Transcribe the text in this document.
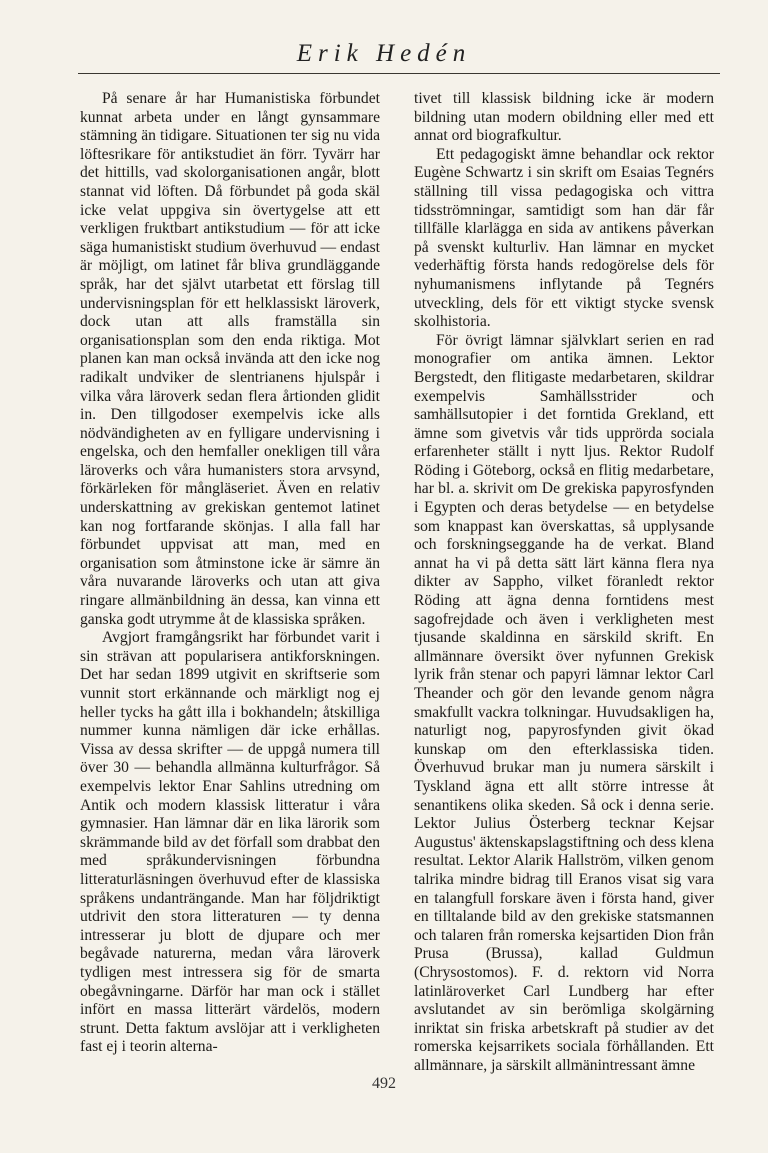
Erik Hedén

På senare år har Humanistiska förbundet kunnat arbeta under en långt gynsammare stämning än tidigare. Situationen ter sig nu vida löftesrikare för antikstudiet än förr. Tyvärr har det hittills, vad skolorganisationen angår, blott stannat vid löften. Då förbundet på goda skäl icke velat uppgiva sin övertygelse att ett verkligen fruktbart antikstudium — för att icke säga humanistiskt studium överhuvud — endast är möjligt, om latinet får bliva grundläggande språk, har det självt utarbetat ett förslag till undervisningsplan för ett helklassiskt läroverk, dock utan att alls framställa sin organisationsplan som den enda riktiga. Mot planen kan man också invända att den icke nog radikalt undviker de slentrianens hjulspår i vilka våra läroverk sedan flera årtionden glidit in. Den tillgodoser exempelvis icke alls nödvändigheten av en fylligare undervisning i engelska, och den hemfaller onekligen till våra läroverks och våra humanisters stora arvsynd, förkärleken för mångläseriet. Även en relativ underskattning av grekiskan gentemot latinet kan nog fortfarande skönjas. I alla fall har förbundet uppvisat att man, med en organisation som åtminstone icke är sämre än våra nuvarande läroverks och utan att giva ringare allmänbildning än dessa, kan vinna ett ganska godt utrymme åt de klassiska språken.

Avgjort framgångsrikt har förbundet varit i sin strävan att popularisera antikforskningen. Det har sedan 1899 utgivit en skriftserie som vunnit stort erkännande och märkligt nog ej heller tycks ha gått illa i bokhandeln; åtskilliga nummer kunna nämligen där icke erhållas. Vissa av dessa skrifter — de uppgå numera till över 30 — behandla allmänna kulturfrågor. Så exempelvis lektor Enar Sahlins utredning om Antik och modern klassisk litteratur i våra gymnasier. Han lämnar där en lika lärorik som skrämmande bild av det förfall som drabbat den med språkundervisningen förbundna litteraturläsningen överhuvud efter de klassiska språkens undanträngande. Man har följdriktigt utdrivit den stora litteraturen — ty denna intresserar ju blott de djupare och mer begåvade naturerna, medan våra läroverk tydligen mest intressera sig för de smarta obegåvningarne. Därför har man ock i stället infört en massa litterärt värdelös, modern strunt. Detta faktum avslöjar att i verkligheten fast ej i teorin alterna-

tivet till klassisk bildning icke är modern bildning utan modern obildning eller med ett annat ord biografkultur.

Ett pedagogiskt ämne behandlar ock rektor Eugène Schwartz i sin skrift om Esaias Tegnérs ställning till vissa pedagogiska och vittra tidsströmningar, samtidigt som han där får tillfälle klarlägga en sida av antikens påverkan på svenskt kulturliv. Han lämnar en mycket vederhäftig första hands redogörelse dels för nyhumanismens inflytande på Tegnérs utveckling, dels för ett viktigt stycke svensk skolhistoria.

För övrigt lämnar självklart serien en rad monografier om antika ämnen. Lektor Bergstedt, den flitigaste medarbetaren, skildrar exempelvis Samhällsstrider och samhällsutopier i det forntida Grekland, ett ämne som givetvis vår tids upprörda sociala erfarenheter ställt i nytt ljus. Rektor Rudolf Röding i Göteborg, också en flitig medarbetare, har bl. a. skrivit om De grekiska papyrosfynden i Egypten och deras betydelse — en betydelse som knappast kan överskattas, så upplysande och forskningseggande ha de verkat. Bland annat ha vi på detta sätt lärt känna flera nya dikter av Sappho, vilket föranledt rektor Röding att ägna denna forntidens mest sagofrejdade och även i verkligheten mest tjusande skaldinna en särskild skrift. En allmännare översikt över nyfunnen Grekisk lyrik från stenar och papyri lämnar lektor Carl Theander och gör den levande genom några smakfullt vackra tolkningar. Huvudsakligen ha, naturligt nog, papyrosfynden givit ökad kunskap om den efterklassiska tiden. Överhuvud brukar man ju numera särskilt i Tyskland ägna ett allt större intresse åt senantikens olika skeden. Så ock i denna serie. Lektor Julius Österberg tecknar Kejsar Augustus' äktenskapslagstiftning och dess klena resultat. Lektor Alarik Hallström, vilken genom talrika mindre bidrag till Eranos visat sig vara en talangfull forskare även i första hand, giver en tilltalande bild av den grekiske statsmannen och talaren från romerska kejsartiden Dion från Prusa (Brussa), kallad Guldmun (Chrysostomos). F. d. rektorn vid Norra latinläroverket Carl Lundberg har efter avslutandet av sin berömliga skolgärning inriktat sin friska arbetskraft på studier av det romerska kejsarrikets sociala förhållanden. Ett allmännare, ja särskilt allmänintressant ämne

492
